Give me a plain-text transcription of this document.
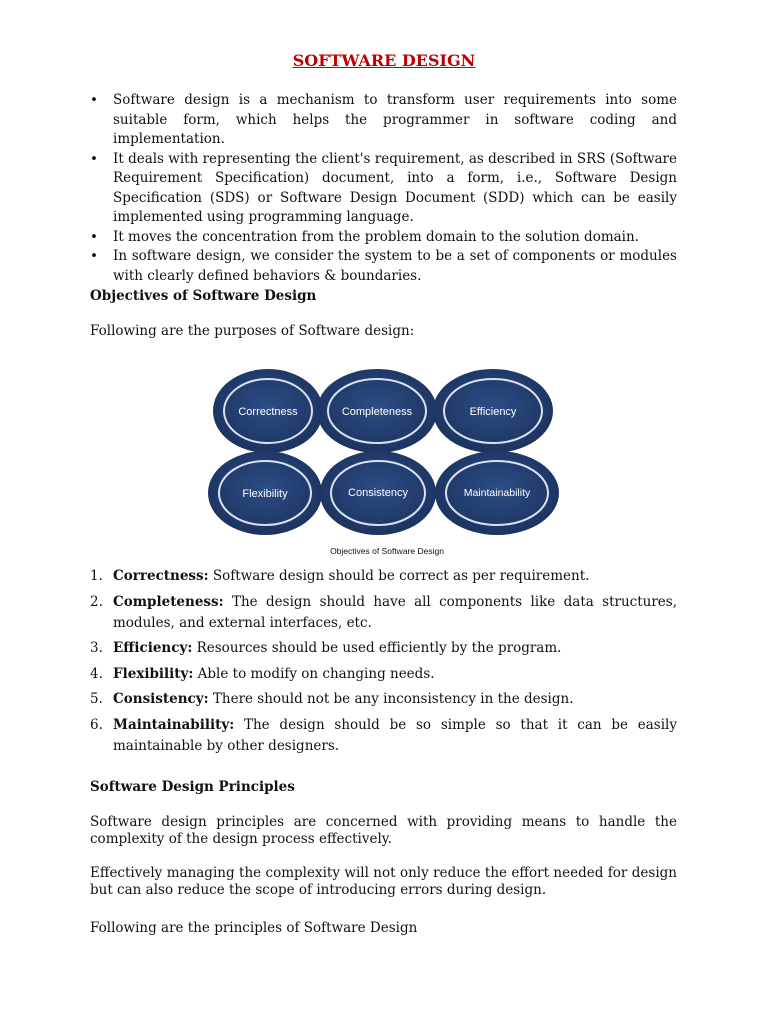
SOFTWARE DESIGN
• Software design is a mechanism to transform user requirements into some suitable form, which helps the programmer in software coding and implementation.
• It deals with representing the client's requirement, as described in SRS (Software Requirement Specification) document, into a form, i.e., Software Design Specification (SDS) or Software Design Document (SDD) which can be easily implemented using programming language.
• It moves the concentration from the problem domain to the solution domain.
• In software design, we consider the system to be a set of components or modules with clearly defined behaviors & boundaries.
Objectives of Software Design

Following are the purposes of Software design:

Correctness	Completeness	Efficiency
Flexibility	Consistency	Maintainability
Objectives of Software Design
1. Correctness: Software design should be correct as per requirement.
2. Completeness: The design should have all components like data structures, modules, and external interfaces, etc.
3. Efficiency: Resources should be used efficiently by the program.
4. Flexibility: Able to modify on changing needs.
5. Consistency: There should not be any inconsistency in the design.
6. Maintainability: The design should be so simple so that it can be easily maintainable by other designers.
Software Design Principles

Software design principles are concerned with providing means to handle the complexity of the design process effectively.

Effectively managing the complexity will not only reduce the effort needed for design but can also reduce the scope of introducing errors during design.

Following are the principles of Software Design
